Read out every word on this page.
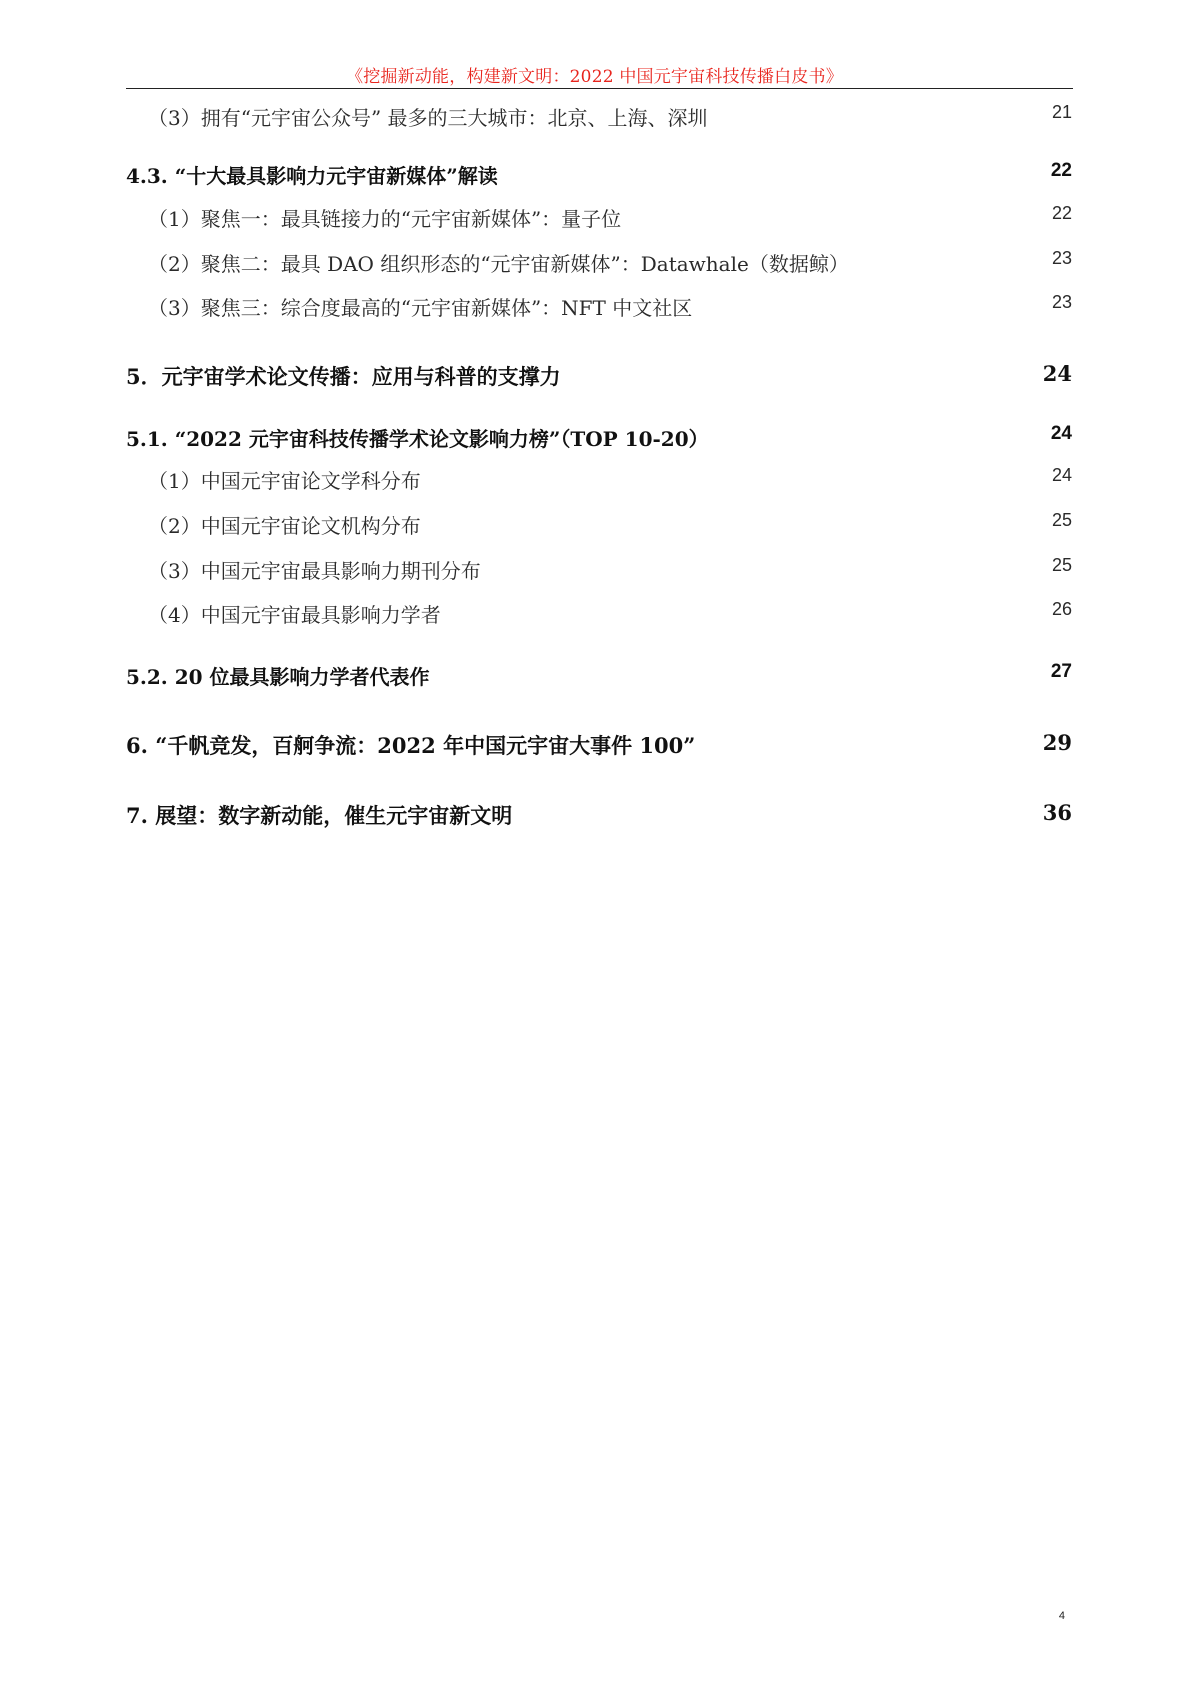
《挖掘新动能，构建新文明：2022 中国元宇宙科技传播白皮书》
（3）拥有“元宇宙公众号” 最多的三大城市：北京、上海、深圳	21
4.3. “十大最具影响力元宇宙新媒体”解读	22
（1）聚焦一：最具链接力的“元宇宙新媒体”：量子位	22
（2）聚焦二：最具 DAO 组织形态的“元宇宙新媒体”：Datawhale（数据鲸）	23
（3）聚焦三：综合度最高的“元宇宙新媒体”：NFT 中文社区	23
5．元宇宙学术论文传播：应用与科普的支撑力	24
5.1. “2022 元宇宙科技传播学术论文影响力榜”（TOP 10-20）	24
（1）中国元宇宙论文学科分布	24
（2）中国元宇宙论文机构分布	25
（3）中国元宇宙最具影响力期刊分布	25
（4）中国元宇宙最具影响力学者	26
5.2. 20 位最具影响力学者代表作	27
6. “千帆竞发，百舸争流：2022 年中国元宇宙大事件 100”	29
7. 展望：数字新动能，催生元宇宙新文明	36
4
